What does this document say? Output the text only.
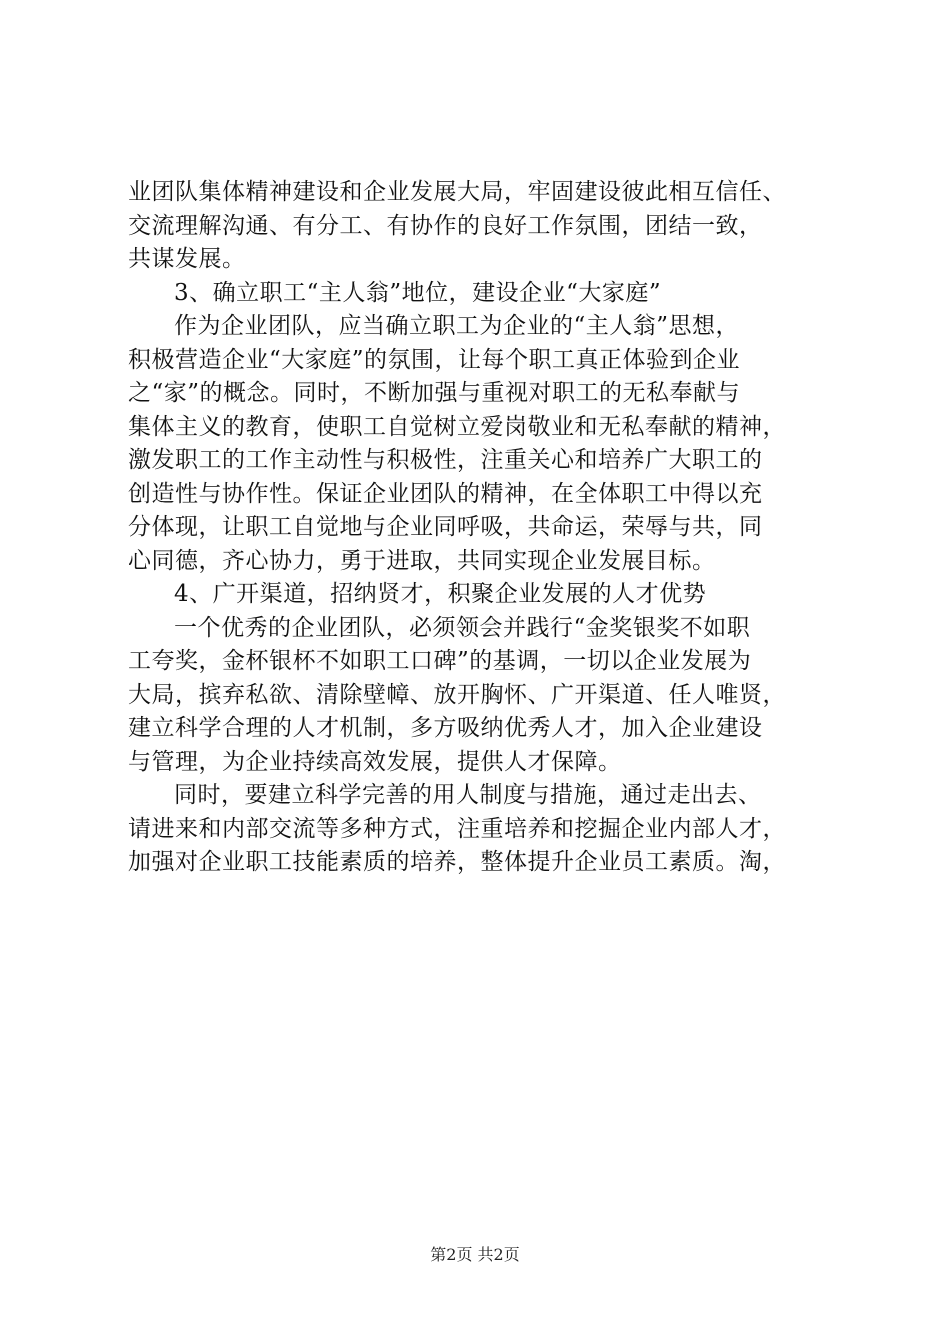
业团队集体精神建设和企业发展大局，牢固建设彼此相互信任、
交流理解沟通、有分工、有协作的良好工作氛围，团结一致，
共谋发展。
3、确立职工“主人翁”地位，建设企业“大家庭”
作为企业团队，应当确立职工为企业的“主人翁”思想，
积极营造企业“大家庭”的氛围，让每个职工真正体验到企业
之“家”的概念。同时，不断加强与重视对职工的无私奉献与
集体主义的教育，使职工自觉树立爱岗敬业和无私奉献的精神，
激发职工的工作主动性与积极性，注重关心和培养广大职工的
创造性与协作性。保证企业团队的精神，在全体职工中得以充
分体现，让职工自觉地与企业同呼吸，共命运，荣辱与共，同
心同德，齐心协力，勇于进取，共同实现企业发展目标。
4、广开渠道，招纳贤才，积聚企业发展的人才优势
一个优秀的企业团队，必须领会并践行“金奖银奖不如职
工夸奖，金杯银杯不如职工口碑”的基调，一切以企业发展为
大局，摈弃私欲、清除壁幛、放开胸怀、广开渠道、任人唯贤，
建立科学合理的人才机制，多方吸纳优秀人才，加入企业建设
与管理，为企业持续高效发展，提供人才保障。
同时，要建立科学完善的用人制度与措施，通过走出去、
请进来和内部交流等多种方式，注重培养和挖掘企业内部人才，
加强对企业职工技能素质的培养，整体提升企业员工素质。淘，
第2页 共2页
